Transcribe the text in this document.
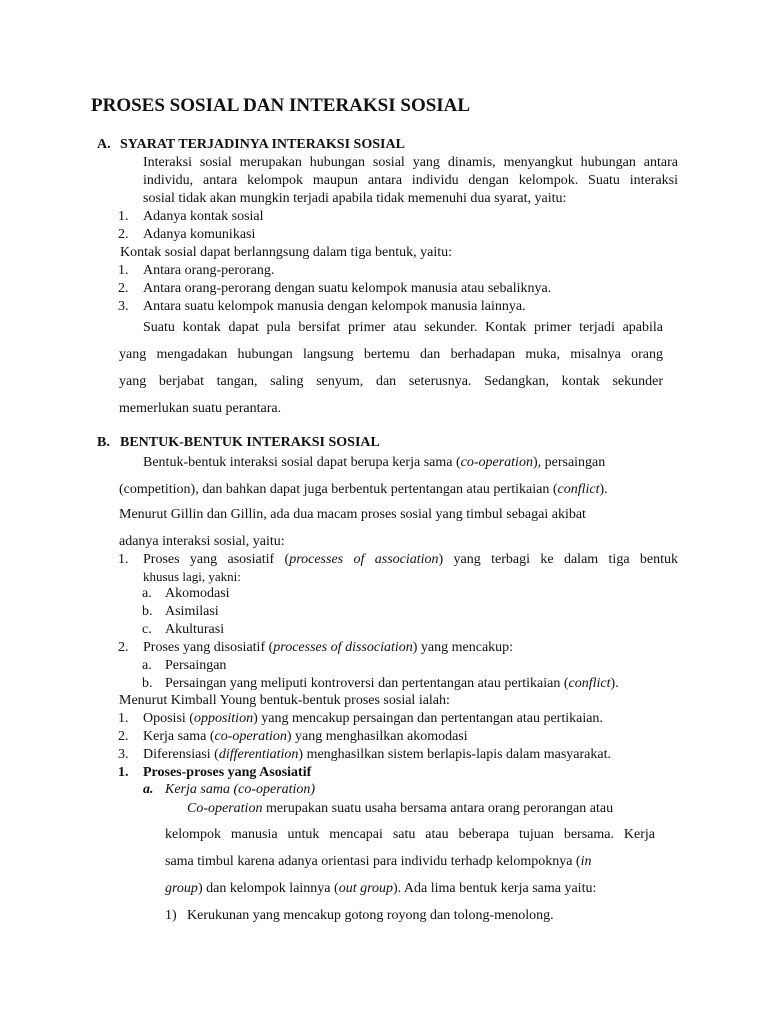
PROSES SOSIAL DAN INTERAKSI SOSIAL
A. SYARAT TERJADINYA INTERAKSI SOSIAL
Interaksi sosial merupakan hubungan sosial yang dinamis, menyangkut hubungan antara
individu, antara kelompok maupun antara individu dengan kelompok. Suatu interaksi
sosial tidak akan mungkin terjadi apabila tidak memenuhi dua syarat, yaitu:
1. Adanya kontak sosial
2. Adanya komunikasi
Kontak sosial dapat berlanngsung dalam tiga bentuk, yaitu:
1. Antara orang-perorang.
2. Antara orang-perorang dengan suatu kelompok manusia atau sebaliknya.
3. Antara suatu kelompok manusia dengan kelompok manusia lainnya.
Suatu kontak dapat pula bersifat primer atau sekunder. Kontak primer terjadi apabila
yang mengadakan hubungan langsung bertemu dan berhadapan muka, misalnya orang
yang berjabat tangan, saling senyum, dan seterusnya. Sedangkan, kontak sekunder
memerlukan suatu perantara.
B. BENTUK-BENTUK INTERAKSI SOSIAL
Bentuk-bentuk interaksi sosial dapat berupa kerja sama (co-operation), persaingan
(competition), dan bahkan dapat juga berbentuk pertentangan atau pertikaian (conflict).
Menurut Gillin dan Gillin, ada dua macam proses sosial yang timbul sebagai akibat
adanya interaksi sosial, yaitu:
1. Proses yang asosiatif (processes of association) yang terbagi ke dalam tiga bentuk
khusus lagi, yakni:
a. Akomodasi
b. Asimilasi
c. Akulturasi
2. Proses yang disosiatif (processes of dissociation) yang mencakup:
a. Persaingan
b. Persaingan yang meliputi kontroversi dan pertentangan atau pertikaian (conflict).
Menurut Kimball Young bentuk-bentuk proses sosial ialah:
1. Oposisi (opposition) yang mencakup persaingan dan pertentangan atau pertikaian.
2. Kerja sama (co-operation) yang menghasilkan akomodasi
3. Diferensiasi (differentiation) menghasilkan sistem berlapis-lapis dalam masyarakat.
1. Proses-proses yang Asosiatif
a. Kerja sama (co-operation)
Co-operation merupakan suatu usaha bersama antara orang perorangan atau
kelompok manusia untuk mencapai satu atau beberapa tujuan bersama. Kerja
sama timbul karena adanya orientasi para individu terhadp kelompoknya (in
group) dan kelompok lainnya (out group). Ada lima bentuk kerja sama yaitu:
1) Kerukunan yang mencakup gotong royong dan tolong-menolong.
